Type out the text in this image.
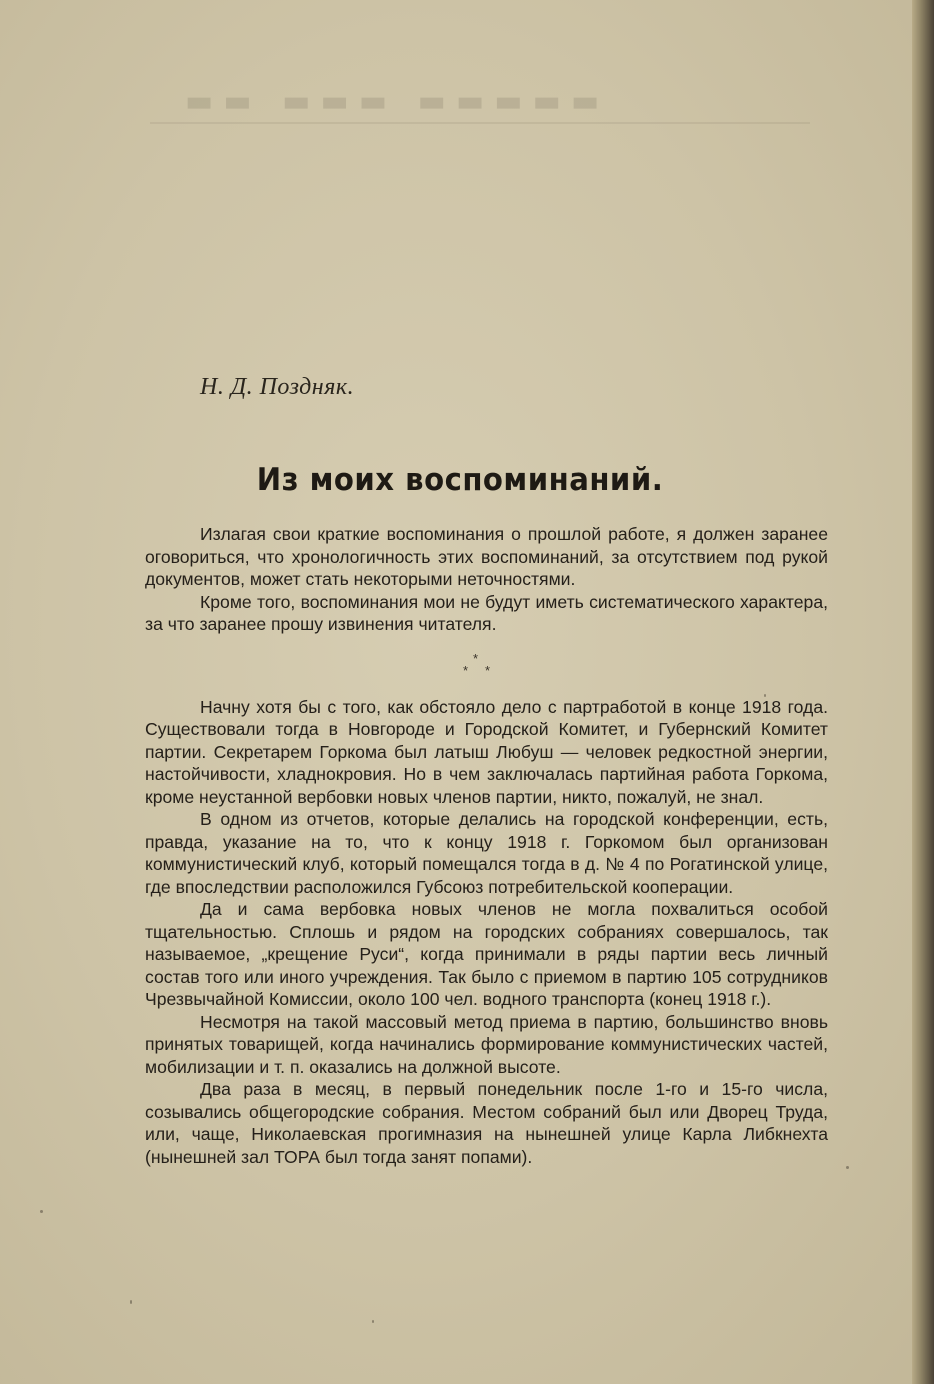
▬▬ ▬▬▬ ▬▬▬▬▬
Н. Д. Поздняк.
Из моих воспоминаний.

Излагая свои краткие воспоминания о прошлой работе, я должен заранее оговориться, что хронологичность этих воспоминаний, за отсутствием под рукой документов, может стать некоторыми неточностями.

Кроме того, воспоминания мои не будут иметь систематического характера, за что заранее прошу извинения читателя.

*
* *

Начну хотя бы с того, как обстояло дело с партработой в конце 1918 года. Существовали тогда в Новгороде и Городской Комитет, и Губернский Комитет партии. Секретарем Горкома был латыш Любуш — человек редкостной энергии, настойчивости, хладнокровия. Но в чем заключалась партийная работа Горкома, кроме неустанной вербовки новых членов партии, никто, пожалуй, не знал.

В одном из отчетов, которые делались на городской конференции, есть, правда, указание на то, что к концу 1918 г. Горкомом был организован коммунистический клуб, который помещался тогда в д. № 4 по Рогатинской улице, где впоследствии расположился Губсоюз потребительской кооперации.

Да и сама вербовка новых членов не могла похвалиться особой тщательностью. Сплошь и рядом на городских собраниях совершалось, так называемое, „крещение Руси“, когда принимали в ряды партии весь личный состав того или иного учреждения. Так было с приемом в партию 105 сотрудников Чрезвычайной Комиссии, около 100 чел. водного транспорта (конец 1918 г.).

Несмотря на такой массовый метод приема в партию, большинство вновь принятых товарищей, когда начинались формирование коммунистических частей, мобилизации и т. п. оказались на должной высоте.

Два раза в месяц, в первый понедельник после 1-го и 15-го числа, созывались общегородские собрания. Местом собраний был или Дворец Труда, или, чаще, Николаевская прогимназия на нынешней улице Карла Либкнехта (нынешней зал ТОРА был тогда занят попами).
